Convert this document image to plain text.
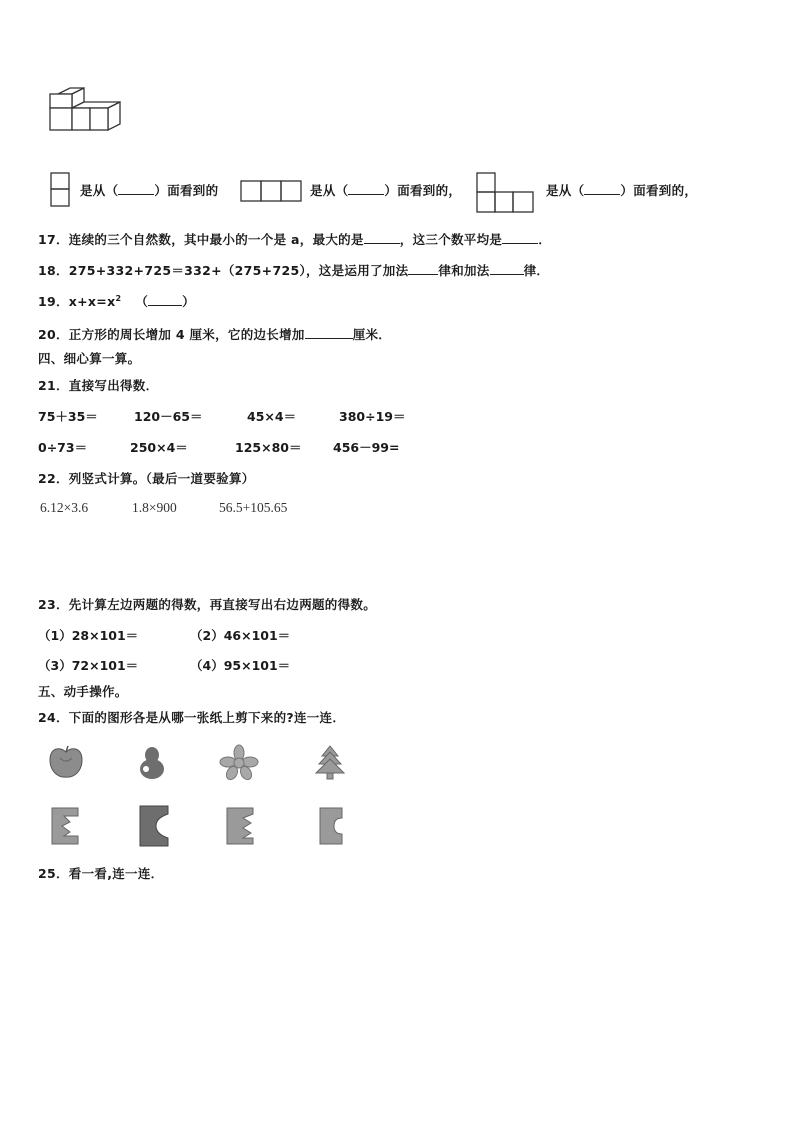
是从（	）面看到的	是从（	）面看到的，	是从（	）面看到的，
17．连续的三个自然数，其中最小的一个是 a，最大的是	，这三个数平均是	．
18．275+332+725＝332+（275+725），这是运用了加法 律和加法	律．
19．$x+x=x^2$ （	）
20．正方形的周长增加 4 厘米，它的边长增加	厘米．
四、细心算一算。
21．直接写出得数．
75＋35＝	120－65＝	45×4＝	380÷19＝
0÷73＝	250×4＝	125×80＝	456－99=
22．列竖式计算。（最后一道要验算）
6.12×3.6	1.8×900	56.5+105.65
23．先计算左边两题的得数，再直接写出右边两题的得数。
（1）28×101＝	（2）46×101＝
（3）72×101＝	（4）95×101＝
五、动手操作。
24．下面的图形各是从哪一张纸上剪下来的?连一连．
25．看一看,连一连．
